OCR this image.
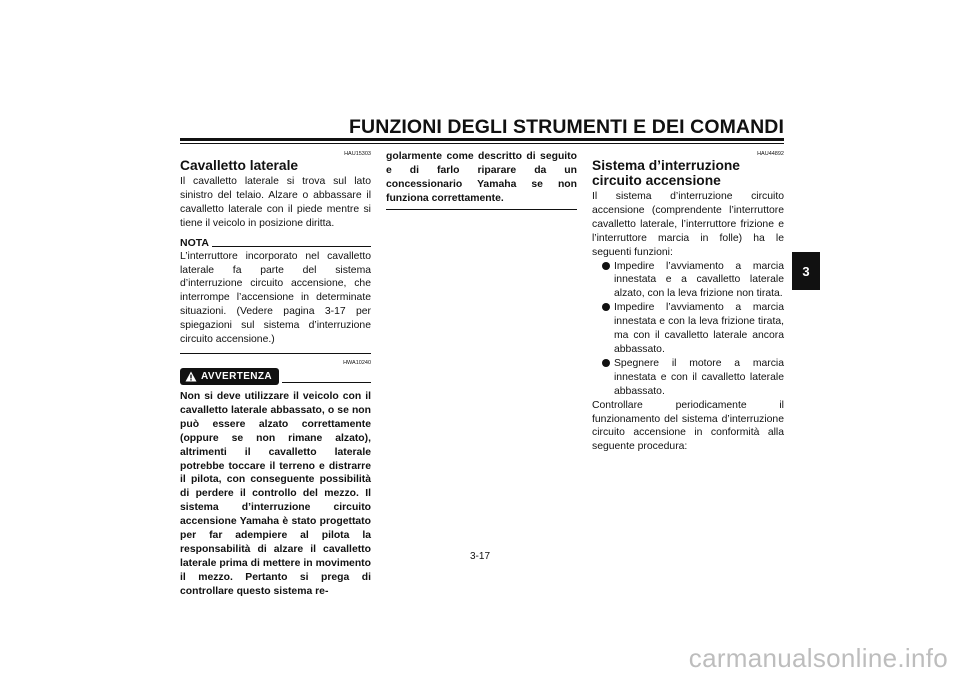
FUNZIONI DEGLI STRUMENTI E DEI COMANDI
3
HAU15303
Cavalletto laterale

Il cavalletto laterale si trova sul lato sinistro del telaio. Alzare o abbassare il cavalletto laterale con il piede mentre si tiene il veicolo in posizione diritta.

NOTA

L’interruttore incorporato nel cavalletto laterale fa parte del sistema d’interruzione circuito accensione, che interrompe l’accensione in determinate situazioni. (Vedere pagina 3-17 per spiegazioni sul sistema d’interruzione circuito accensione.)

HWA10240
AVVERTENZA

Non si deve utilizzare il veicolo con il cavalletto laterale abbassato, o se non può essere alzato correttamente (oppure se non rimane alzato), altrimenti il cavalletto laterale potrebbe toccare il terreno e distrarre il pilota, con conseguente possibilità di perdere il controllo del mezzo. Il sistema d’interruzione circuito accensione Yamaha è stato progettato per far adempiere al pilota la responsabilità di alzare il cavalletto laterale prima di mettere in movimento il mezzo. Pertanto si prega di controllare questo sistema re-

golarmente come descritto di seguito e di farlo riparare da un concessionario Yamaha se non funziona correttamente.

HAU44892
Sistema d’interruzione circuito accensione

Il sistema d’interruzione circuito accensione (comprendente l’interruttore cavalletto laterale, l’interruttore frizione e l’interruttore marcia in folle) ha le seguenti funzioni:

Impedire l’avviamento a marcia innestata e a cavalletto laterale alzato, con la leva frizione non tirata.
Impedire l’avviamento a marcia innestata e con la leva frizione tirata, ma con il cavalletto laterale ancora abbassato.
Spegnere il motore a marcia innestata e con il cavalletto laterale abbassato.

Controllare periodicamente il funzionamento del sistema d’interruzione circuito accensione in conformità alla seguente procedura:

3-17
carmanualsonline.info
